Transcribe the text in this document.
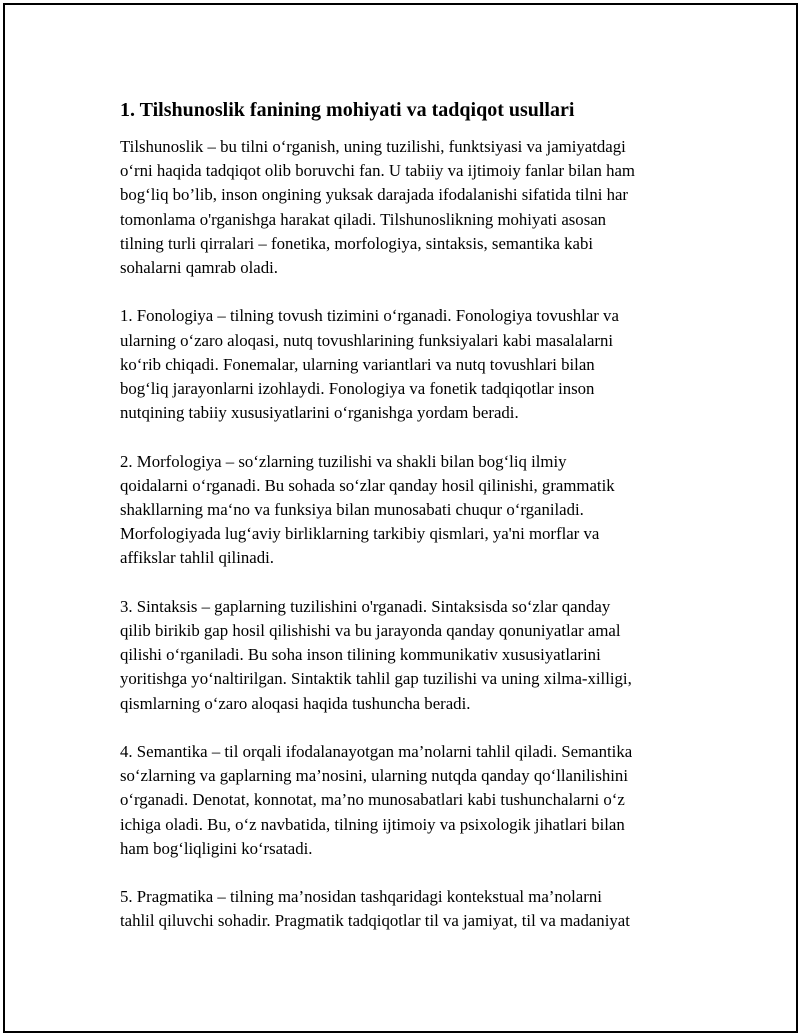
1. Tilshunoslik fanining mohiyati va tadqiqot usullari

Tilshunoslik – bu tilni o‘rganish, uning tuzilishi, funktsiyasi va jamiyatdagi
o‘rni haqida tadqiqot olib boruvchi fan. U tabiiy va ijtimoiy fanlar bilan ham
bog‘liq bo’lib, inson ongining yuksak darajada ifodalanishi sifatida tilni har
tomonlama o'rganishga harakat qiladi. Tilshunoslikning mohiyati asosan
tilning turli qirralari – fonetika, morfologiya, sintaksis, semantika kabi
sohalarni qamrab oladi.

1. Fonologiya – tilning tovush tizimini o‘rganadi. Fonologiya tovushlar va
ularning o‘zaro aloqasi, nutq tovushlarining funksiyalari kabi masalalarni
ko‘rib chiqadi. Fonemalar, ularning variantlari va nutq tovushlari bilan
bog‘liq jarayonlarni izohlaydi. Fonologiya va fonetik tadqiqotlar inson
nutqining tabiiy xususiyatlarini o‘rganishga yordam beradi.

2. Morfologiya – so‘zlarning tuzilishi va shakli bilan bog‘liq ilmiy
qoidalarni o‘rganadi. Bu sohada so‘zlar qanday hosil qilinishi, grammatik
shakllarning ma‘no va funksiya bilan munosabati chuqur o‘rganiladi.
Morfologiyada lug‘aviy birliklarning tarkibiy qismlari, ya'ni morflar va
affikslar tahlil qilinadi.

3. Sintaksis – gaplarning tuzilishini o'rganadi. Sintaksisda so‘zlar qanday
qilib birikib gap hosil qilishishi va bu jarayonda qanday qonuniyatlar amal
qilishi o‘rganiladi. Bu soha inson tilining kommunikativ xususiyatlarini
yoritishga yo‘naltirilgan. Sintaktik tahlil gap tuzilishi va uning xilma-xilligi,
qismlarning o‘zaro aloqasi haqida tushuncha beradi.

4. Semantika – til orqali ifodalanayotgan ma’nolarni tahlil qiladi. Semantika
so‘zlarning va gaplarning ma’nosini, ularning nutqda qanday qo‘llanilishini
o‘rganadi. Denotat, konnotat, ma’no munosabatlari kabi tushunchalarni o‘z
ichiga oladi. Bu, o‘z navbatida, tilning ijtimoiy va psixologik jihatlari bilan
ham bog‘liqligini ko‘rsatadi.

5. Pragmatika – tilning ma’nosidan tashqaridagi kontekstual ma’nolarni
tahlil qiluvchi sohadir. Pragmatik tadqiqotlar til va jamiyat, til va madaniyat
